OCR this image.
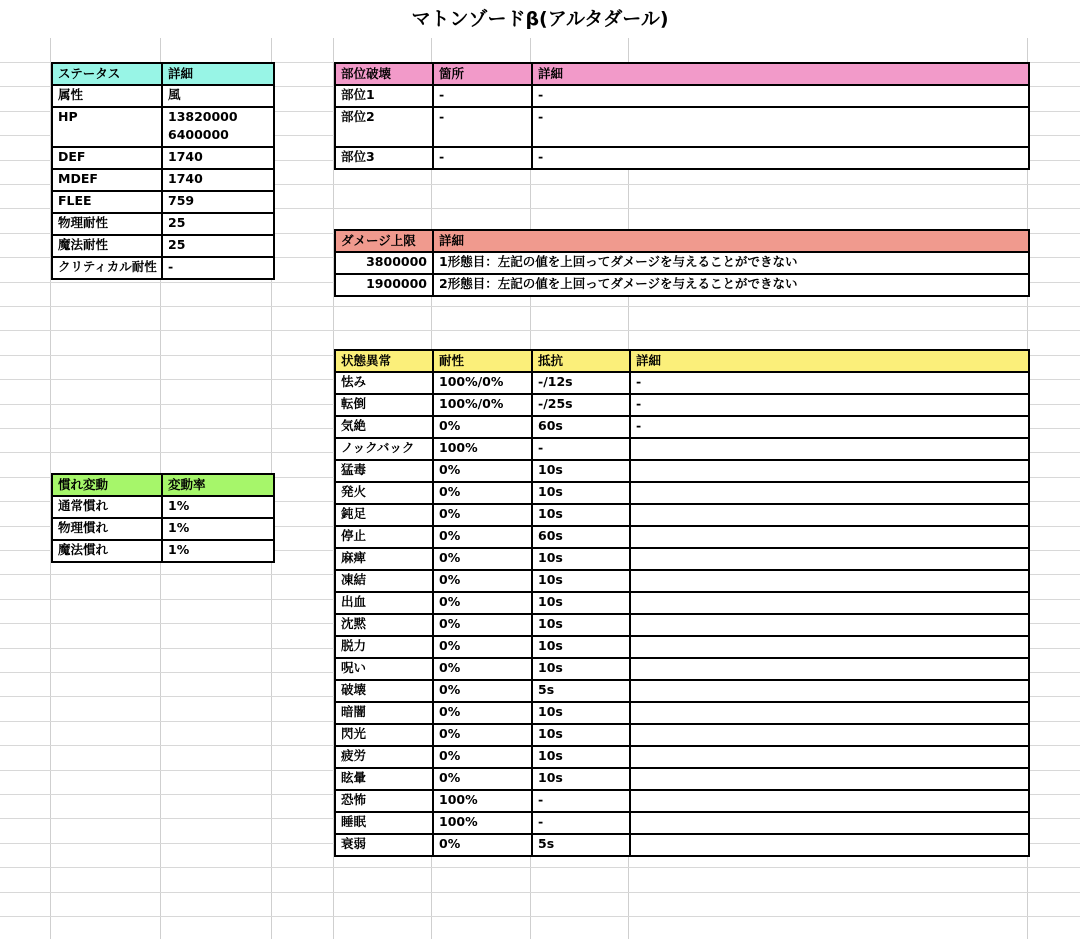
マトンゾードβ(アルタダール)
ステータス	詳細
属性	風
HP	13820000
6400000

DEF	1740
MDEF	1740
FLEE	759
物理耐性	25
魔法耐性	25
クリティカル耐性	-
部位破壊	箇所	詳細
部位1	-	-
部位2	-	-
部位3	-	-
ダメージ上限	詳細
3800000	1形態目：左記の値を上回ってダメージを与えることができない
1900000	2形態目：左記の値を上回ってダメージを与えることができない
慣れ変動	変動率
通常慣れ	1%
物理慣れ	1%
魔法慣れ	1%
状態異常	耐性	抵抗	詳細
怯み	100%/0%	-/12s	-
転倒	100%/0%	-/25s	-
気絶	0%	60s	-
ノックバック	100%	-	
猛毒	0%	10s	
発火	0%	10s	
鈍足	0%	10s	
停止	0%	60s	
麻痺	0%	10s	
凍結	0%	10s	
出血	0%	10s	
沈黙	0%	10s	
脱力	0%	10s	
呪い	0%	10s	
破壊	0%	5s	
暗闇	0%	10s	
閃光	0%	10s	
疲労	0%	10s	
眩暈	0%	10s	
恐怖	100%	-	
睡眠	100%	-	
衰弱	0%	5s	
